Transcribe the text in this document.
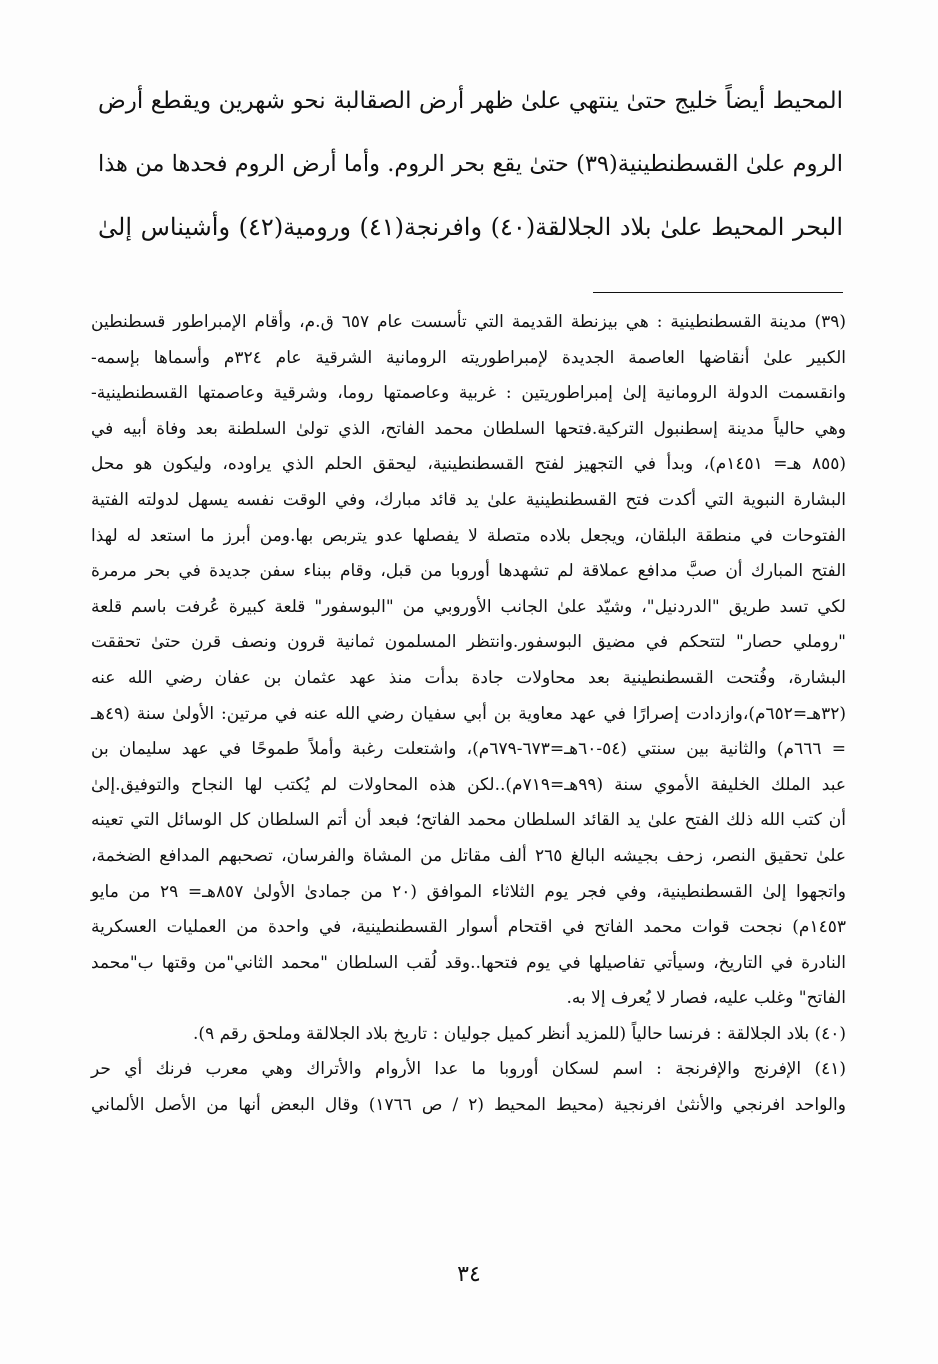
المحيط أيضاً خليج حتىٰ ينتهي علىٰ ظهر أرض الصقالبة نحو شهرين ويقطع أرض
الروم علىٰ القسطنطينية(٣٩) حتىٰ يقع بحر الروم. وأما أرض الروم فحدها من هذا
البحر المحيط علىٰ بلاد الجلالقة(٤٠) وافرنجة(٤١) ورومية(٤٢) وأشيناس إلىٰ
(٣٩) مدينة القسطنطينية : هي بيزنطة القديمة التي تأسست عام ٦٥٧ ق.م، وأقام الإمبراطور قسطنطين
الكبير علىٰ أنقاضها العاصمة الجديدة لإمبراطوريته الرومانية الشرقية عام ٣٢٤م وأسماها بإسمه-
وانقسمت الدولة الرومانية إلىٰ إمبراطوريتين : غربية وعاصمتها روما، وشرقية وعاصمتها القسطنطينية-
وهي حالياً مدينة إسطنبول التركية.فتحها السلطان محمد الفاتح، الذي تولىٰ السلطنة بعد وفاة أبيه في
(٨٥٥ هـ= ١٤٥١م)، وبدأ في التجهيز لفتح القسطنطينية، ليحقق الحلم الذي يراوده، وليكون هو محل
البشارة النبوية التي أكدت فتح القسطنطينية علىٰ يد قائد مبارك، وفي الوقت نفسه يسهل لدولته الفتية
الفتوحات في منطقة البلقان، ويجعل بلاده متصلة لا يفصلها عدو يتربص بها.ومن أبرز ما استعد له لهذا
الفتح المبارك أن صبَّ مدافع عملاقة لم تشهدها أوروبا من قبل، وقام ببناء سفن جديدة في بحر مرمرة
لكي تسد طريق "الدردنيل"، وشيّد علىٰ الجانب الأوروبي من "البوسفور" قلعة كبيرة عُرفت باسم قلعة
"روملي حصار" لتتحكم في مضيق البوسفور.وانتظر المسلمون ثمانية قرون ونصف قرن حتىٰ تحققت
البشارة، وفُتحت القسطنطينية بعد محاولات جادة بدأت منذ عهد عثمان بن عفان رضي الله عنه
(٣٢هـ=٦٥٢م)،وازدادت إصرارًا في عهد معاوية بن أبي سفيان رضي الله عنه في مرتين: الأولىٰ سنة (٤٩هـ
= ٦٦٦م) والثانية بين سنتي (٥٤-٦٠هـ=٦٧٣-٦٧٩م)، واشتعلت رغبة وأملاً طموحًا في عهد سليمان بن
عبد الملك الخليفة الأموي سنة (٩٩هـ=٧١٩م)..لكن هذه المحاولات لم يُكتب لها النجاح والتوفيق.إلىٰ
أن كتب الله ذلك الفتح علىٰ يد القائد السلطان محمد الفاتح؛ فبعد أن أتم السلطان كل الوسائل التي تعينه
علىٰ تحقيق النصر، زحف بجيشه البالغ ٢٦٥ ألف مقاتل من المشاة والفرسان، تصحبهم المدافع الضخمة،
واتجهوا إلىٰ القسطنطينية، وفي فجر يوم الثلاثاء الموافق (٢٠ من جمادىٰ الأولىٰ ٨٥٧هـ= ٢٩ من مايو
١٤٥٣م) نجحت قوات محمد الفاتح في اقتحام أسوار القسطنطينية، في واحدة من العمليات العسكرية
النادرة في التاريخ، وسيأتي تفاصيلها في يوم فتحها..وقد لُقب السلطان "محمد الثاني"من وقتها ب"محمد
الفاتح" وغلب عليه، فصار لا يُعرف إلا به.
(٤٠) بلاد الجلالقة : فرنسا حالياً (للمزيد أنظر كميل جوليان : تاريخ بلاد الجلالقة وملحق رقم ٩).
(٤١) الإفرنج والإفرنجة : اسم لسكان أوروبا ما عدا الأروام والأتراك وهي معرب فرنك أي حر
والواحد افرنجي والأنثىٰ افرنجية (محيط المحيط (٢ / ص ١٧٦٦) وقال البعض أنها من الأصل الألماني
٣٤
